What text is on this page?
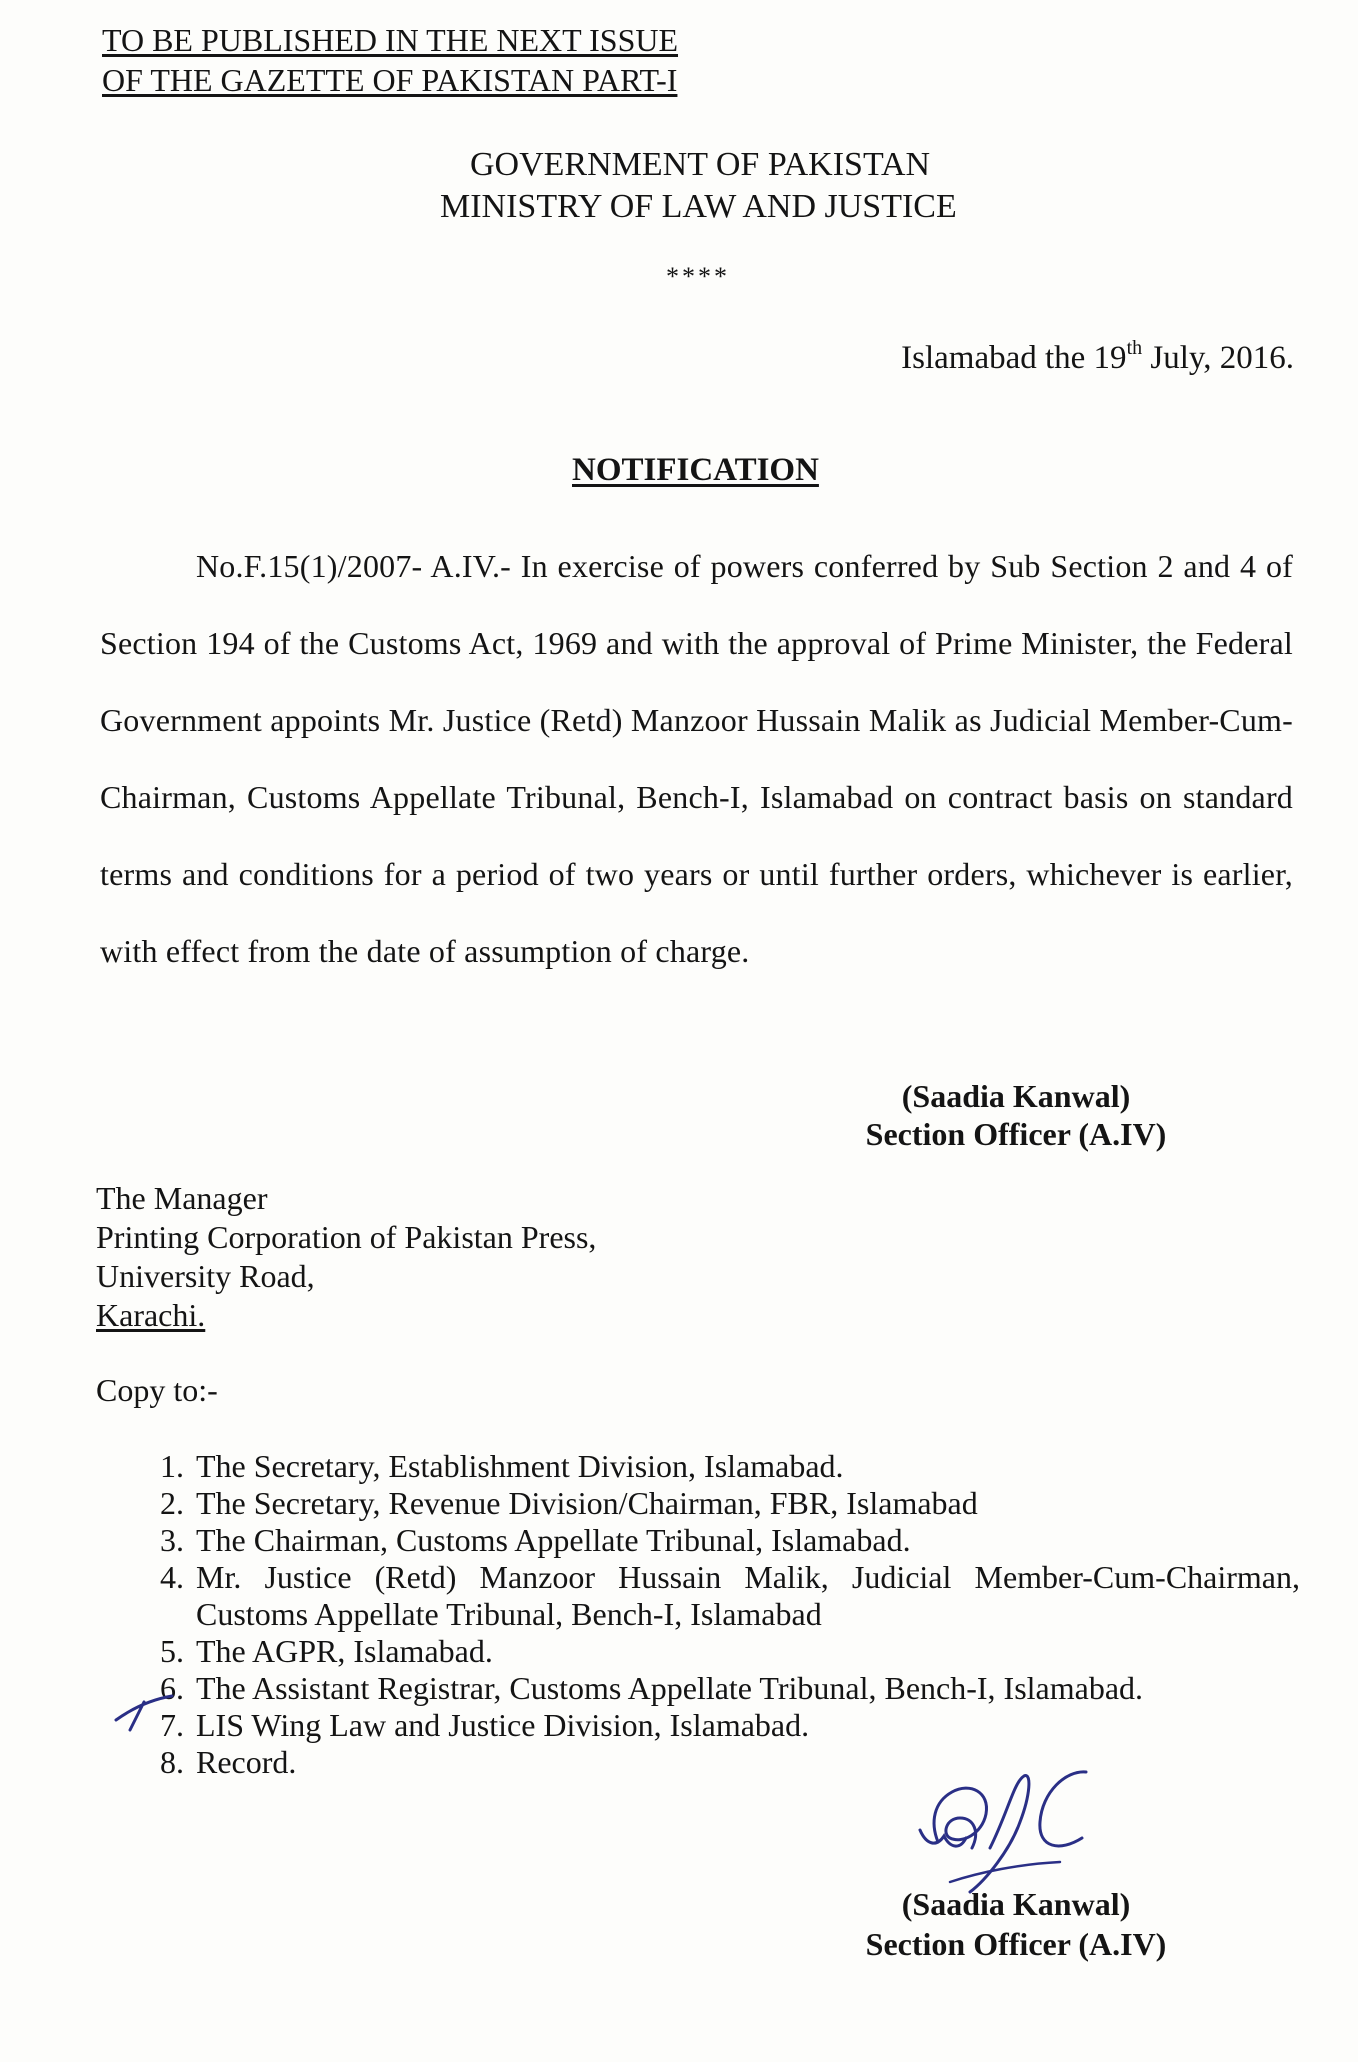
TO BE PUBLISHED IN THE NEXT ISSUE
OF THE GAZETTE OF PAKISTAN PART-I
GOVERNMENT OF PAKISTAN
MINISTRY OF LAW AND JUSTICE
****
Islamabad the 19th July, 2016.
NOTIFICATION

No.F.15(1)/2007- A.IV.- In exercise of powers conferred by Sub Section 2 and 4 of Section 194 of the Customs Act, 1969 and with the approval of Prime Minister, the Federal Government appoints Mr. Justice (Retd) Manzoor Hussain Malik as Judicial Member-Cum-Chairman, Customs Appellate Tribunal, Bench-I, Islamabad on contract basis on standard terms and conditions for a period of two years or until further orders, whichever is earlier, with effect from the date of assumption of charge.

(Saadia Kanwal)
Section Officer (A.IV)
The Manager
Printing Corporation of Pakistan Press,
University Road,
Karachi.
Copy to:-
1. The Secretary, Establishment Division, Islamabad.
2. The Secretary, Revenue Division/Chairman, FBR, Islamabad
3. The Chairman, Customs Appellate Tribunal, Islamabad.
4. Mr. Justice (Retd) Manzoor Hussain Malik, Judicial Member-Cum-Chairman, Customs Appellate Tribunal, Bench-I, Islamabad
5. The AGPR, Islamabad.
6. The Assistant Registrar, Customs Appellate Tribunal, Bench-I, Islamabad.
7. LIS Wing Law and Justice Division, Islamabad.
8. Record.
(Saadia Kanwal)
Section Officer (A.IV)
